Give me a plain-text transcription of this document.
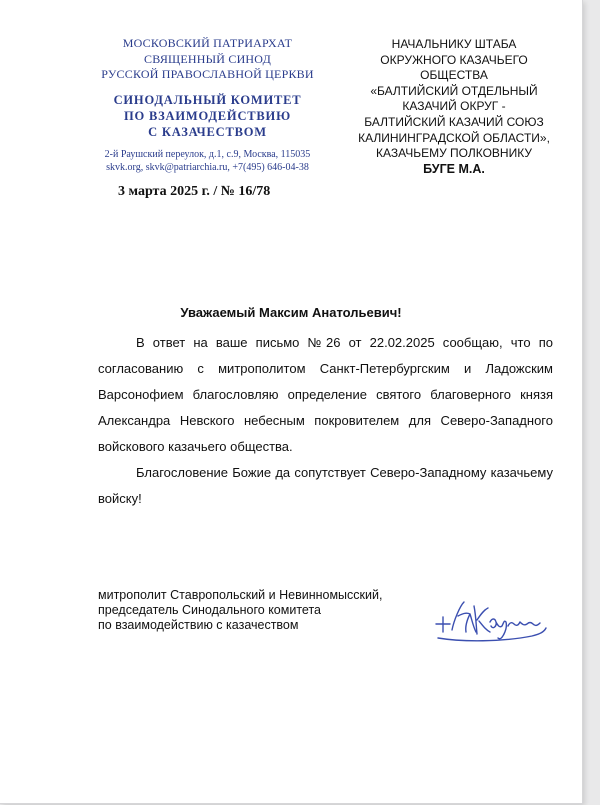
МОСКОВСКИЙ ПАТРИАРХАТ
СВЯЩЕННЫЙ СИНОД
РУССКОЙ ПРАВОСЛАВНОЙ ЦЕРКВИ
СИНОДАЛЬНЫЙ КОМИТЕТ
ПО ВЗАИМОДЕЙСТВИЮ
С КАЗАЧЕСТВОМ
2-й Раушский переулок, д.1, с.9, Москва, 115035
skvk.org, skvk@patriarchia.ru, +7(495) 646-04-38
3 марта 2025 г. / № 16/78
НАЧАЛЬНИКУ ШТАБА
ОКРУЖНОГО КАЗАЧЬЕГО ОБЩЕСТВА
«БАЛТИЙСКИЙ ОТДЕЛЬНЫЙ
КАЗАЧИЙ ОКРУГ -
БАЛТИЙСКИЙ КАЗАЧИЙ СОЮЗ
КАЛИНИНГРАДСКОЙ ОБЛАСТИ»,
КАЗАЧЬЕМУ ПОЛКОВНИКУ
БУГЕ М.А.
Уважаемый Максим Анатольевич!

В ответ на ваше письмо №26 от 22.02.2025 сообщаю, что по согласованию с митрополитом Санкт-Петербургским и Ладожским Варсонофием благословляю определение святого благоверного князя Александра Невского небесным покровителем для Северо-Западного войскового казачьего общества.

Благословение Божие да сопутствует Северо-Западному казачьему войску!

митрополит Ставропольский и Невинномысский,
председатель Синодального комитета
по взаимодействию с казачеством
